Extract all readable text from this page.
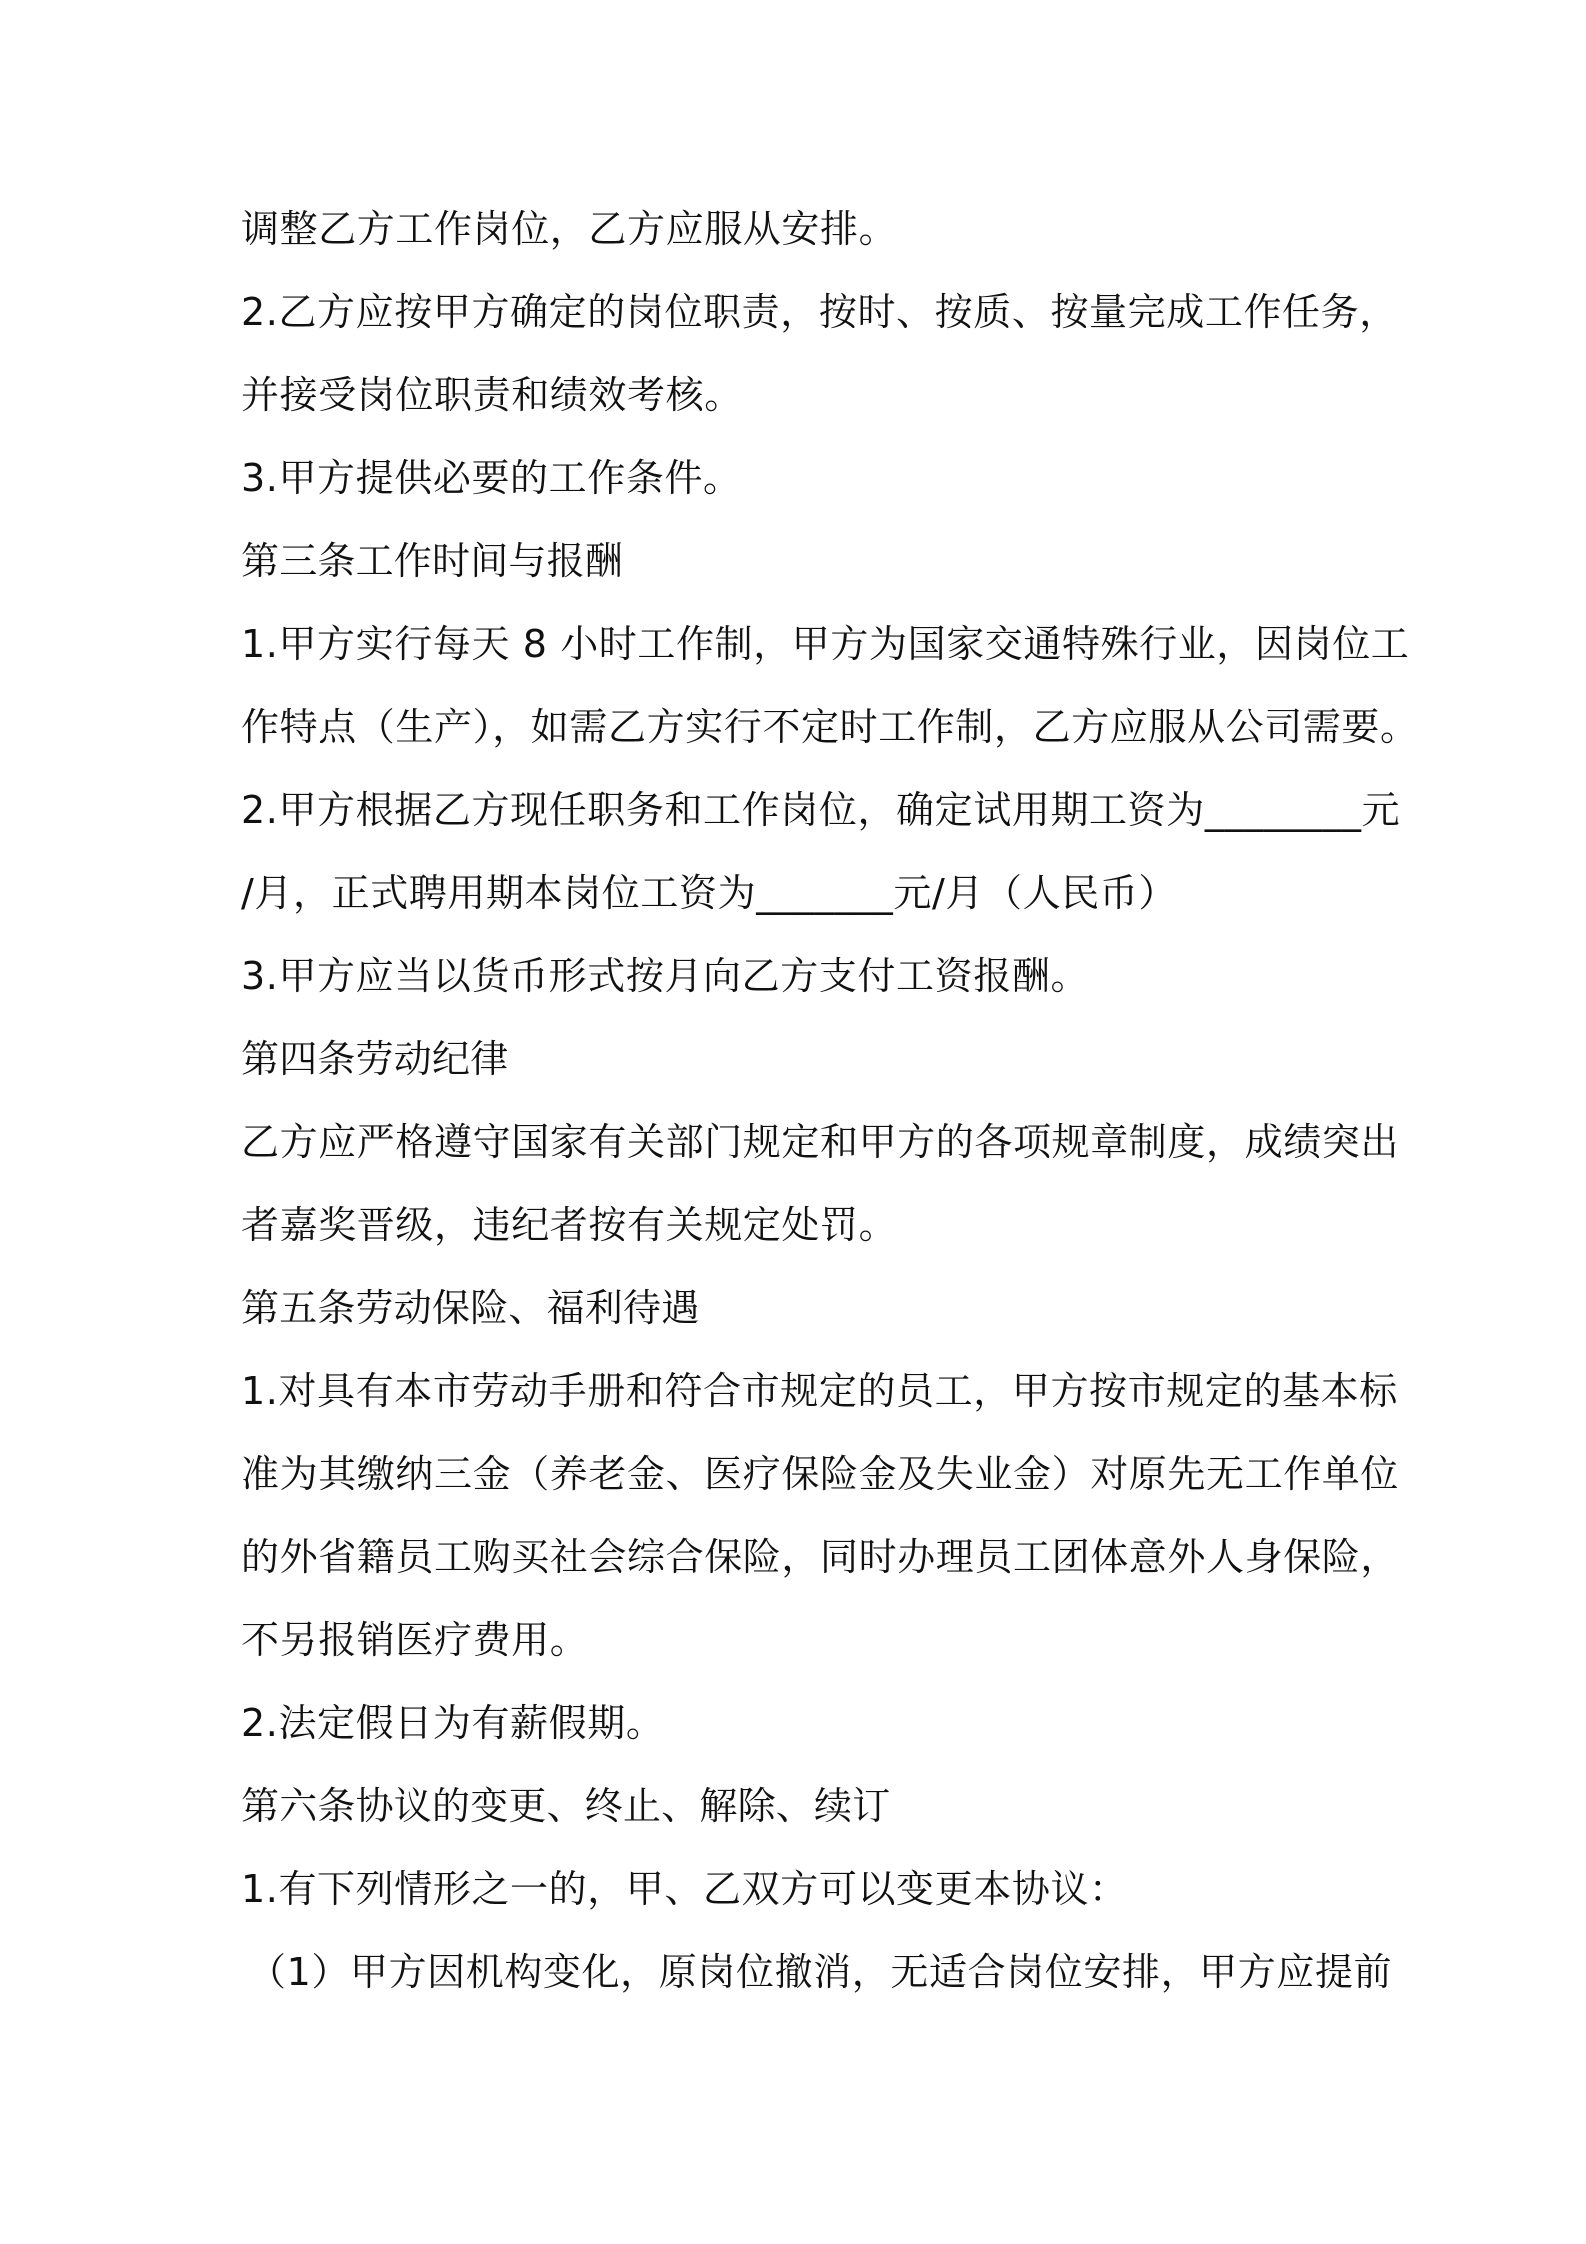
调整乙方工作岗位，乙方应服从安排。

2.乙方应按甲方确定的岗位职责，按时、按质、按量完成工作任务，

并接受岗位职责和绩效考核。

3.甲方提供必要的工作条件。

第三条工作时间与报酬

1.甲方实行每天 8 小时工作制，甲方为国家交通特殊行业，因岗位工

作特点（生产），如需乙方实行不定时工作制，乙方应服从公司需要。

2.甲方根据乙方现任职务和工作岗位，确定试用期工资为________元

/月，正式聘用期本岗位工资为_______元/月（人民币）

3.甲方应当以货币形式按月向乙方支付工资报酬。

第四条劳动纪律

乙方应严格遵守国家有关部门规定和甲方的各项规章制度，成绩突出

者嘉奖晋级，违纪者按有关规定处罚。

第五条劳动保险、福利待遇

1.对具有本市劳动手册和符合市规定的员工，甲方按市规定的基本标

准为其缴纳三金（养老金、医疗保险金及失业金）对原先无工作单位

的外省籍员工购买社会综合保险，同时办理员工团体意外人身保险，

不另报销医疗费用。

2.法定假日为有薪假期。

第六条协议的变更、终止、解除、续订

1.有下列情形之一的，甲、乙双方可以变更本协议：

（1）甲方因机构变化，原岗位撤消，无适合岗位安排，甲方应提前
